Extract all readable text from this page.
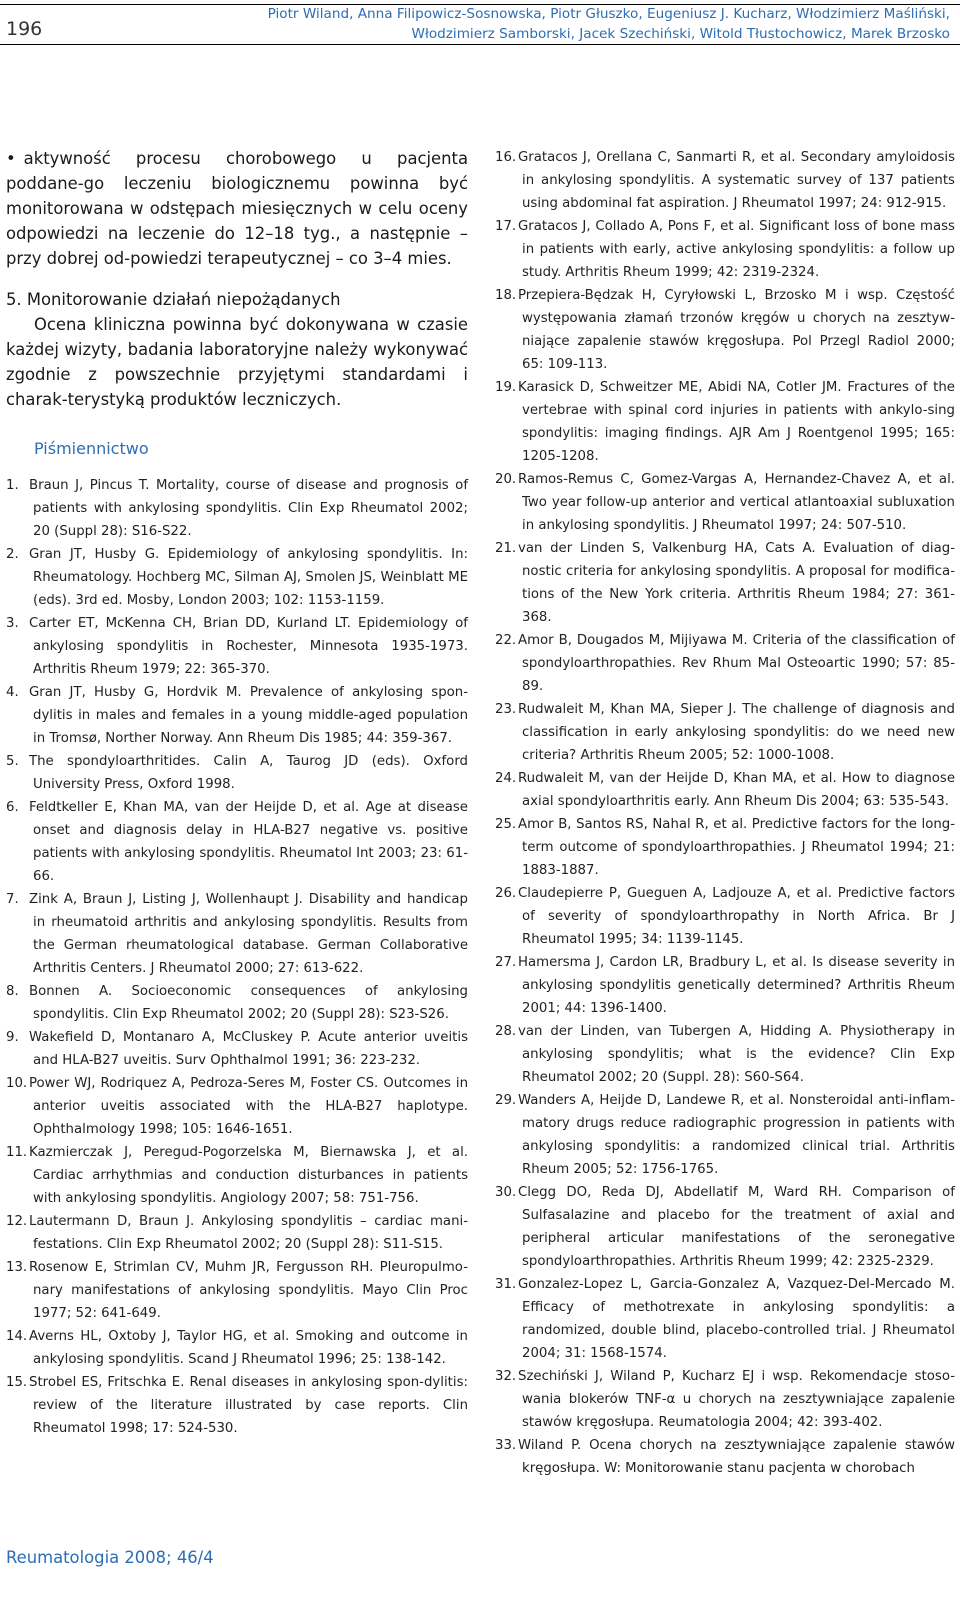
196
Piotr Wiland, Anna Filipowicz-Sosnowska, Piotr Głuszko, Eugeniusz J. Kucharz, Włodzimierz Maśliński,
Włodzimierz Samborski, Jacek Szechiński, Witold Tłustochowicz, Marek Brzosko

• aktywność procesu chorobowego u pacjenta poddane-go leczeniu biologicznemu powinna być monitorowana w odstępach miesięcznych w celu oceny odpowiedzi na leczenie do 12–18 tyg., a następnie – przy dobrej od-powiedzi terapeutycznej – co 3–4 mies.

5. Monitorowanie działań niepożądanych

Ocena kliniczna powinna być dokonywana w czasie każdej wizyty, badania laboratoryjne należy wykonywać zgodnie z powszechnie przyjętymi standardami i charak-terystyką produktów leczniczych.

Piśmiennictwo
1. Braun J, Pincus T. Mortality, course of disease and prognosis of patients with ankylosing spondylitis. Clin Exp Rheumatol 2002; 20 (Suppl 28): S16-S22.
2. Gran JT, Husby G. Epidemiology of ankylosing spondylitis. In: Rheumatology. Hochberg MC, Silman AJ, Smolen JS, Weinblatt ME (eds). 3rd ed. Mosby, London 2003; 102: 1153-1159.
3. Carter ET, McKenna CH, Brian DD, Kurland LT. Epidemiology of ankylosing spondylitis in Rochester, Minnesota 1935-1973. Arthritis Rheum 1979; 22: 365-370.
4. Gran JT, Husby G, Hordvik M. Prevalence of ankylosing spon-dylitis in males and females in a young middle-aged population in Tromsø, Norther Norway. Ann Rheum Dis 1985; 44: 359-367.
5. The spondyloarthritides. Calin A, Taurog JD (eds). Oxford University Press, Oxford 1998.
6. Feldtkeller E, Khan MA, van der Heijde D, et al. Age at disease onset and diagnosis delay in HLA-B27 negative vs. positive patients with ankylosing spondylitis. Rheumatol Int 2003; 23: 61-66.
7. Zink A, Braun J, Listing J, Wollenhaupt J. Disability and handicap in rheumatoid arthritis and ankylosing spondylitis. Results from the German rheumatological database. German Collaborative Arthritis Centers. J Rheumatol 2000; 27: 613-622.
8. Bonnen A. Socioeconomic consequences of ankylosing spondylitis. Clin Exp Rheumatol 2002; 20 (Suppl 28): S23-S26.
9. Wakefield D, Montanaro A, McCluskey P. Acute anterior uveitis and HLA-B27 uveitis. Surv Ophthalmol 1991; 36: 223-232.
10. Power WJ, Rodriquez A, Pedroza-Seres M, Foster CS. Outcomes in anterior uveitis associated with the HLA-B27 haplotype. Ophthalmology 1998; 105: 1646-1651.
11. Kazmierczak J, Peregud-Pogorzelska M, Biernawska J, et al. Cardiac arrhythmias and conduction disturbances in patients with ankylosing spondylitis. Angiology 2007; 58: 751-756.
12. Lautermann D, Braun J. Ankylosing spondylitis – cardiac mani-festations. Clin Exp Rheumatol 2002; 20 (Suppl 28): S11-S15.
13. Rosenow E, Strimlan CV, Muhm JR, Fergusson RH. Pleuropulmo-nary manifestations of ankylosing spondylitis. Mayo Clin Proc 1977; 52: 641-649.
14. Averns HL, Oxtoby J, Taylor HG, et al. Smoking and outcome in ankylosing spondylitis. Scand J Rheumatol 1996; 25: 138-142.
15. Strobel ES, Fritschka E. Renal diseases in ankylosing spon-dylitis: review of the literature illustrated by case reports. Clin Rheumatol 1998; 17: 524-530.
16. Gratacos J, Orellana C, Sanmarti R, et al. Secondary amyloidosis in ankylosing spondylitis. A systematic survey of 137 patients using abdominal fat aspiration. J Rheumatol 1997; 24: 912-915.
17. Gratacos J, Collado A, Pons F, et al. Significant loss of bone mass in patients with early, active ankylosing spondylitis: a follow up study. Arthritis Rheum 1999; 42: 2319-2324.
18. Przepiera-Będzak H, Cyryłowski L, Brzosko M i wsp. Częstość występowania złamań trzonów kręgów u chorych na zesztyw-niające zapalenie stawów kręgosłupa. Pol Przegl Radiol 2000; 65: 109-113.
19. Karasick D, Schweitzer ME, Abidi NA, Cotler JM. Fractures of the vertebrae with spinal cord injuries in patients with ankylo-sing spondylitis: imaging findings. AJR Am J Roentgenol 1995; 165: 1205-1208.
20. Ramos-Remus C, Gomez-Vargas A, Hernandez-Chavez A, et al. Two year follow-up anterior and vertical atlantoaxial subluxation in ankylosing spondylitis. J Rheumatol 1997; 24: 507-510.
21. van der Linden S, Valkenburg HA, Cats A. Evaluation of diag-nostic criteria for ankylosing spondylitis. A proposal for modifica-tions of the New York criteria. Arthritis Rheum 1984; 27: 361-368.
22. Amor B, Dougados M, Mijiyawa M. Criteria of the classification of spondyloarthropathies. Rev Rhum Mal Osteoartic 1990; 57: 85-89.
23. Rudwaleit M, Khan MA, Sieper J. The challenge of diagnosis and classification in early ankylosing spondylitis: do we need new criteria? Arthritis Rheum 2005; 52: 1000-1008.
24. Rudwaleit M, van der Heijde D, Khan MA, et al. How to diagnose axial spondyloarthritis early. Ann Rheum Dis 2004; 63: 535-543.
25. Amor B, Santos RS, Nahal R, et al. Predictive factors for the long-term outcome of spondyloarthropathies. J Rheumatol 1994; 21: 1883-1887.
26. Claudepierre P, Gueguen A, Ladjouze A, et al. Predictive factors of severity of spondyloarthropathy in North Africa. Br J Rheumatol 1995; 34: 1139-1145.
27. Hamersma J, Cardon LR, Bradbury L, et al. Is disease severity in ankylosing spondylitis genetically determined? Arthritis Rheum 2001; 44: 1396-1400.
28. van der Linden, van Tubergen A, Hidding A. Physiotherapy in ankylosing spondylitis; what is the evidence? Clin Exp Rheumatol 2002; 20 (Suppl. 28): S60-S64.
29. Wanders A, Heijde D, Landewe R, et al. Nonsteroidal anti-inflam-matory drugs reduce radiographic progression in patients with ankylosing spondylitis: a randomized clinical trial. Arthritis Rheum 2005; 52: 1756-1765.
30. Clegg DO, Reda DJ, Abdellatif M, Ward RH. Comparison of Sulfasalazine and placebo for the treatment of axial and peripheral articular manifestations of the seronegative spondyloarthropathies. Arthritis Rheum 1999; 42: 2325-2329.
31. Gonzalez-Lopez L, Garcia-Gonzalez A, Vazquez-Del-Mercado M. Efficacy of methotrexate in ankylosing spondylitis: a randomized, double blind, placebo-controlled trial. J Rheumatol 2004; 31: 1568-1574.
32. Szechiński J, Wiland P, Kucharz EJ i wsp. Rekomendacje stoso-wania blokerów TNF-α u chorych na zesztywniające zapalenie stawów kręgosłupa. Reumatologia 2004; 42: 393-402.
33. Wiland P. Ocena chorych na zesztywniające zapalenie stawów kręgosłupa. W: Monitorowanie stanu pacjenta w chorobach
Reumatologia 2008; 46/4
